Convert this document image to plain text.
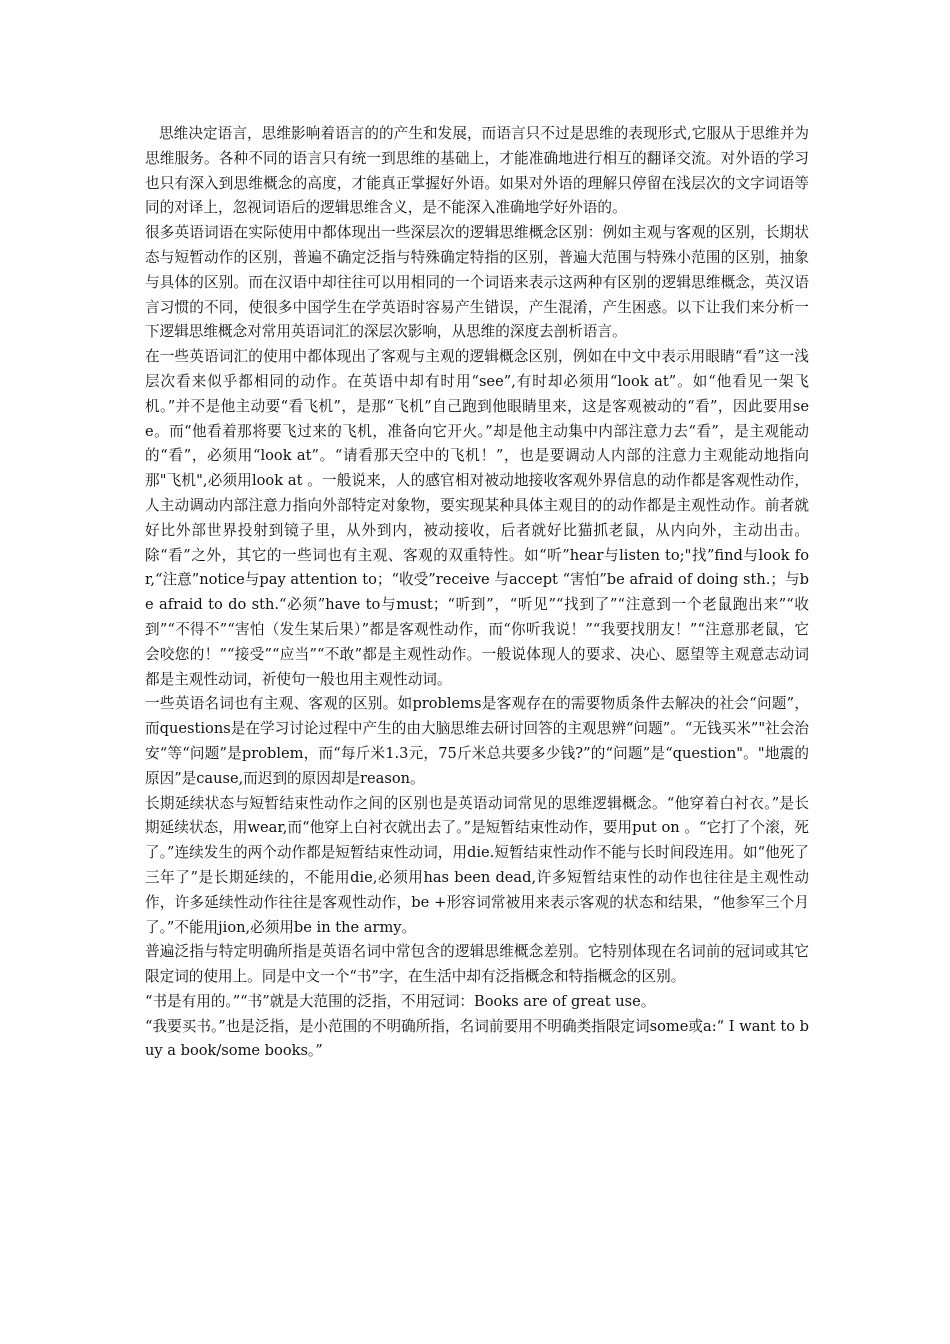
思维决定语言，思维影响着语言的的产生和发展，而语言只不过是思维的表现形式,它服从于思维并为思维服务。各种不同的语言只有统一到思维的基础上，才能准确地进行相互的翻译交流。对外语的学习也只有深入到思维概念的高度，才能真正掌握好外语。如果对外语的理解只停留在浅层次的文字词语等同的对译上，忽视词语后的逻辑思维含义，是不能深入准确地学好外语的。

很多英语词语在实际使用中都体现出一些深层次的逻辑思维概念区别：例如主观与客观的区别，长期状态与短暂动作的区别，普遍不确定泛指与特殊确定特指的区别，普遍大范围与特殊小范围的区别，抽象与具体的区别。而在汉语中却往往可以用相同的一个词语来表示这两种有区别的逻辑思维概念，英汉语言习惯的不同，使很多中国学生在学英语时容易产生错误，产生混淆，产生困惑。以下让我们来分析一下逻辑思维概念对常用英语词汇的深层次影响，从思维的深度去剖析语言。

在一些英语词汇的使用中都体现出了客观与主观的逻辑概念区别，例如在中文中表示用眼睛“看”这一浅层次看来似乎都相同的动作。在英语中却有时用“see”,有时却必须用“look at”。如“他看见一架飞机。”并不是他主动要“看飞机”，是那“飞机”自己跑到他眼睛里来，这是客观被动的“看”，因此要用see。而“他看着那将要飞过来的飞机，准备向它开火。”却是他主动集中内部注意力去“看”，是主观能动的“看”，必须用“look at”。“请看那天空中的飞机！”，也是要调动人内部的注意力主观能动地指向那"飞机",必须用look at 。一般说来，人的感官相对被动地接收客观外界信息的动作都是客观性动作，人主动调动内部注意力指向外部特定对象物，要实现某种具体主观目的的动作都是主观性动作。前者就好比外部世界投射到镜子里，从外到内，被动接收，后者就好比猫抓老鼠，从内向外，主动出击。除“看”之外，其它的一些词也有主观、客观的双重特性。如“听”hear与listen to;"找”find与look for,“注意”notice与pay attention to；“收受”receive 与accept “害怕”be afraid of doing sth.；与be afraid to do sth.“必须”have to与must；“听到”，“听见”“找到了”“注意到一个老鼠跑出来”“收到”“不得不”“害怕（发生某后果）”都是客观性动作，而“你听我说！”“我要找朋友！”“注意那老鼠，它会咬您的！”“接受”“应当”“不敢”都是主观性动作。一般说体现人的要求、决心、愿望等主观意志动词都是主观性动词，祈使句一般也用主观性动词。

一些英语名词也有主观、客观的区别。如problems是客观存在的需要物质条件去解决的社会“问题”，而questions是在学习讨论过程中产生的由大脑思维去研讨回答的主观思辨“问题”。“无钱买米”"社会治安“等“问题”是problem，而“每斤米1.3元，75斤米总共要多少钱?”的“问题”是“question"。"地震的原因”是cause,而迟到的原因却是reason。

长期延续状态与短暂结束性动作之间的区别也是英语动词常见的思维逻辑概念。“他穿着白衬衣。”是长期延续状态，用wear,而“他穿上白衬衣就出去了。”是短暂结束性动作，要用put on 。“它打了个滚，死了。”连续发生的两个动作都是短暂结束性动词，用die.短暂结束性动作不能与长时间段连用。如“他死了三年了”是长期延续的，不能用die,必须用has been dead,许多短暂结束性的动作也往往是主观性动作，许多延续性动作往往是客观性动作，be +形容词常被用来表示客观的状态和结果，“他参军三个月了。”不能用jion,必须用be in the army。

普遍泛指与特定明确所指是英语名词中常包含的逻辑思维概念差别。它特别体现在名词前的冠词或其它限定词的使用上。同是中文一个“书”字，在生活中却有泛指概念和特指概念的区别。

“书是有用的。”“书”就是大范围的泛指，不用冠词：Books are of great use。

“我要买书。”也是泛指，是小范围的不明确所指，名词前要用不明确类指限定词some或a:“ I want to buy a book/some books。”
